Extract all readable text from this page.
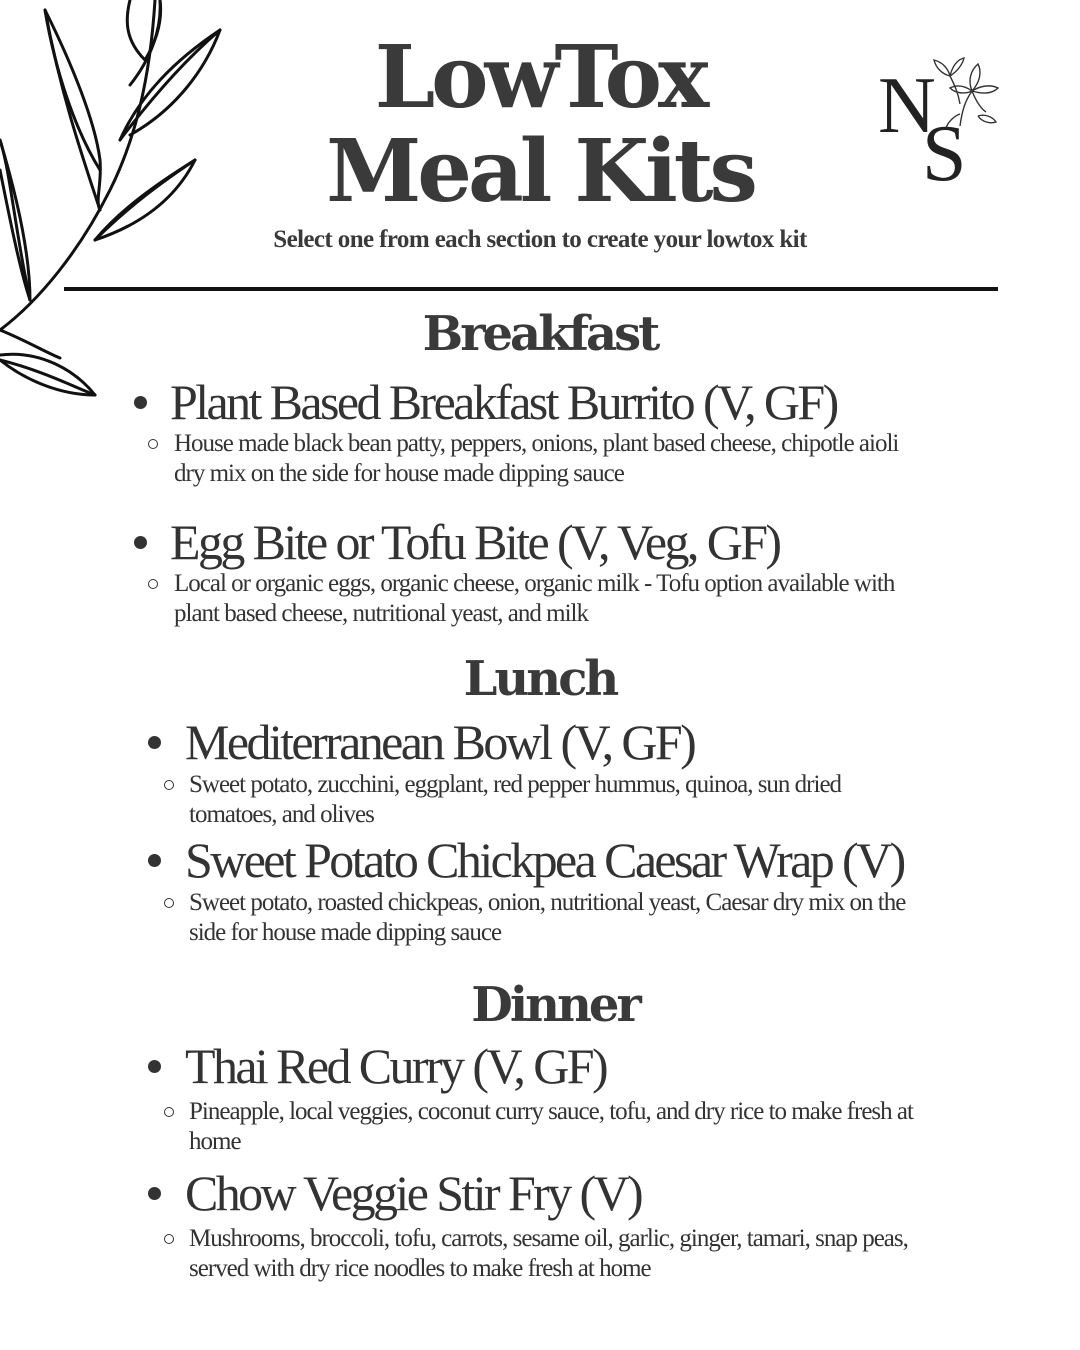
N
S
LowTox
Meal Kits
Select one from each section to create your lowtox kit
Breakfast
Plant Based Breakfast Burrito (V, GF)
House made black bean patty, peppers, onions, plant based cheese, chipotle aioli
dry mix on the side for house made dipping sauce
Egg Bite or Tofu Bite (V, Veg, GF)
Local or organic eggs, organic cheese, organic milk - Tofu option available with
plant based cheese, nutritional yeast, and milk
Lunch
Mediterranean Bowl (V, GF)
Sweet potato, zucchini, eggplant, red pepper hummus, quinoa, sun dried
tomatoes, and olives
Sweet Potato Chickpea Caesar Wrap (V)
Sweet potato, roasted chickpeas, onion, nutritional yeast, Caesar dry mix on the
side for house made dipping sauce
Dinner
Thai Red Curry (V, GF)
Pineapple, local veggies, coconut curry sauce, tofu, and dry rice to make fresh at
home
Chow Veggie Stir Fry (V)
Mushrooms, broccoli, tofu, carrots, sesame oil, garlic, ginger, tamari, snap peas,
served with dry rice noodles to make fresh at home
